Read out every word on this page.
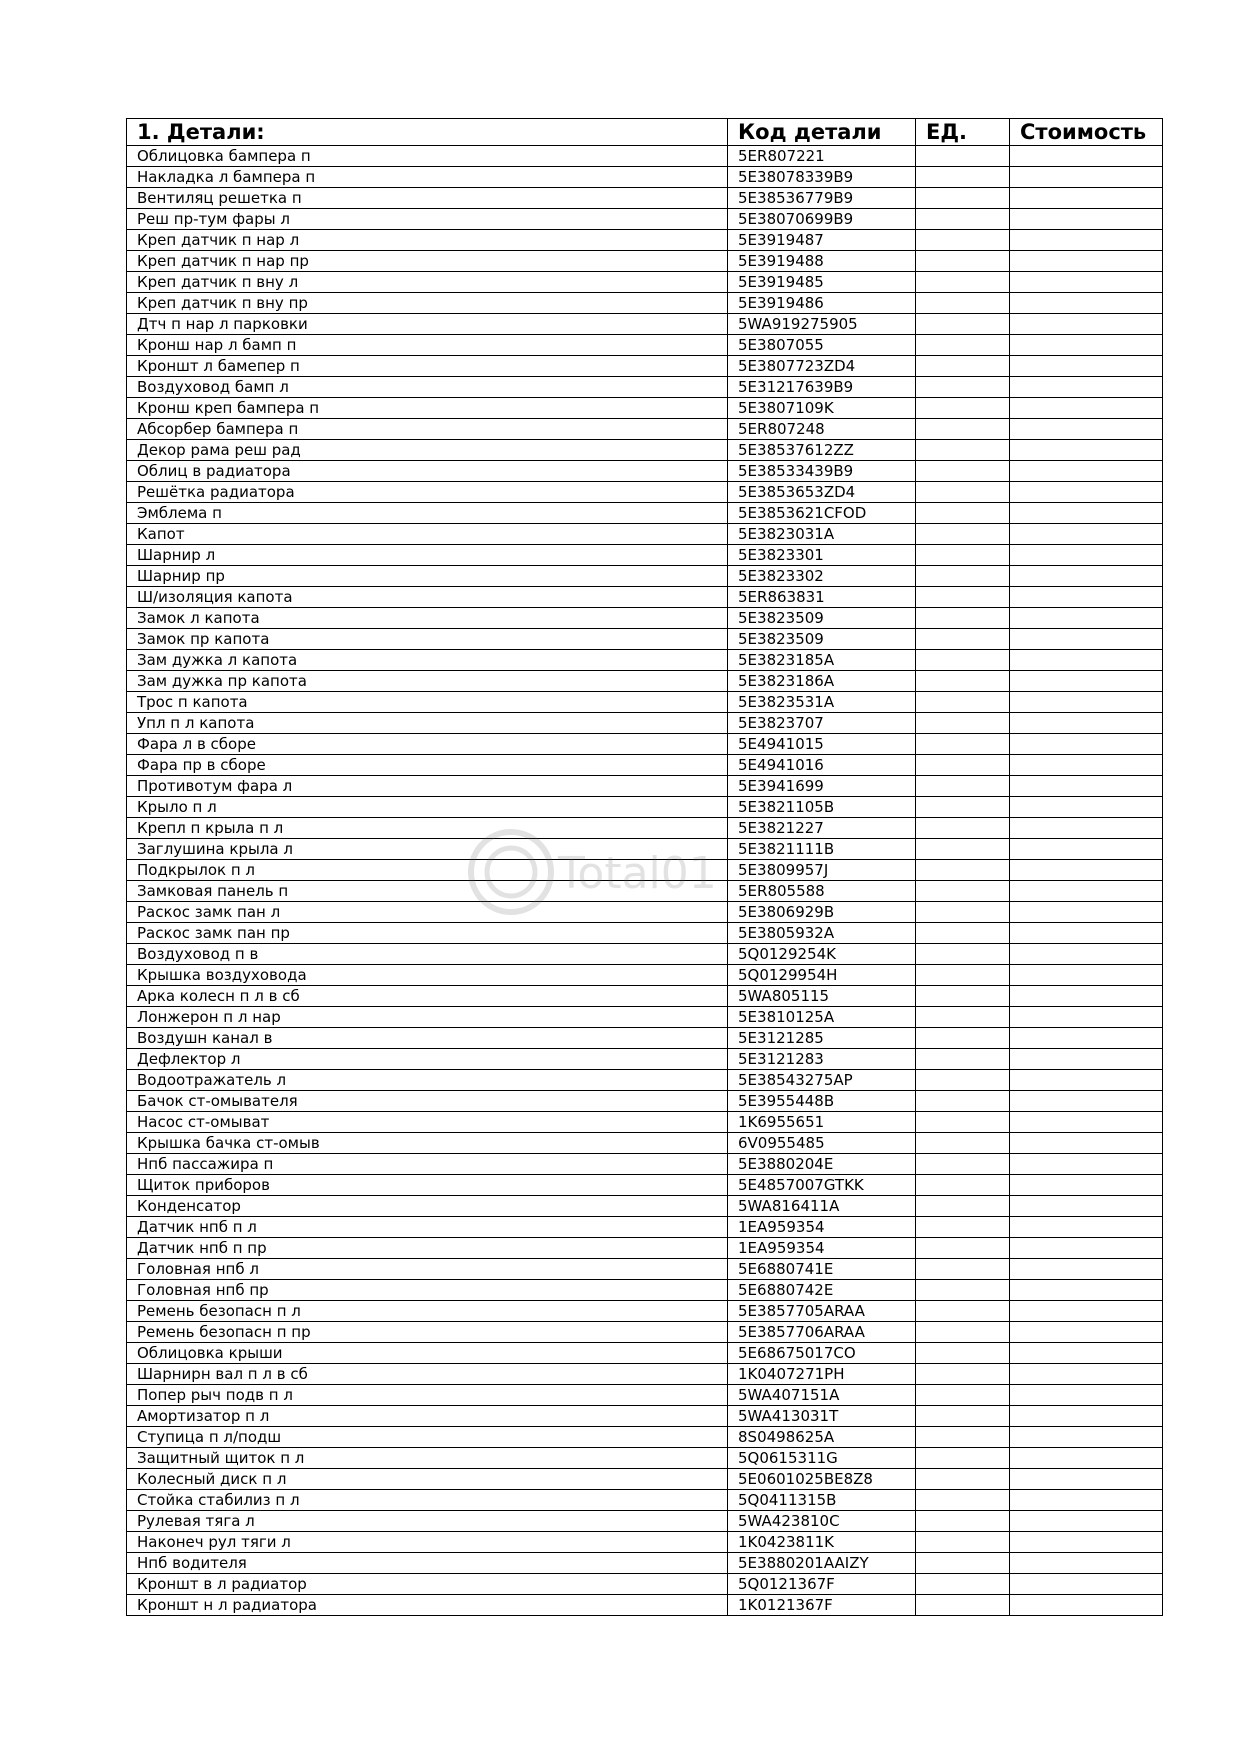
1. Детали:	Код детали	ЕД.	Стоимость
Облицовка бампера п	5ER807221		
Накладка л бампера п	5E38078339B9		
Вентиляц решетка п	5E38536779B9		
Реш пр-тум фары л	5E38070699B9		
Креп датчик п нар л	5E3919487		
Креп датчик п нар пр	5E3919488		
Креп датчик п вну л	5E3919485		
Креп датчик п вну пр	5E3919486		
Дтч п нар л парковки	5WA919275905		
Кронш нар л бамп п	5E3807055		
Кроншт л бамепер п	5E3807723ZD4		
Воздуховод бамп л	5E31217639B9		
Кронш креп бампера п	5E3807109K		
Абсорбер бампера п	5ER807248		
Декор рама реш рад	5E38537612ZZ		
Облиц в радиатора	5E38533439B9		
Решётка радиатора	5E3853653ZD4		
Эмблема п	5E3853621CFOD		
Капот	5E3823031A		
Шарнир л	5E3823301		
Шарнир пр	5E3823302		
Ш/изоляция капота	5ER863831		
Замок л капота	5E3823509		
Замок пр капота	5E3823509		
Зам дужка л капота	5E3823185A		
Зам дужка пр капота	5E3823186A		
Трос п капота	5E3823531A		
Упл п л капота	5E3823707		
Фара л в сборе	5E4941015		
Фара пр в сборе	5E4941016		
Противотум фара л	5E3941699		
Крыло п л	5E3821105B		
Крепл п крыла п л	5E3821227		
Заглушина крыла л	5E3821111B		
Подкрылок п л	5E3809957J		
Замковая панель п	5ER805588		
Раскос замк пан л	5E3806929B		
Раскос замк пан пр	5E3805932A		
Воздуховод п в	5Q0129254K		
Крышка воздуховода	5Q0129954H		
Арка колесн п л в сб	5WA805115		
Лонжерон п л нар	5E3810125A		
Воздушн канал в	5E3121285		
Дефлектор л	5E3121283		
Водоотражатель л	5E38543275AP		
Бачок ст-омывателя	5E3955448B		
Насос ст-омыват	1K6955651		
Крышка бачка ст-омыв	6V0955485		
Нпб пассажира п	5E3880204E		
Щиток приборов	5E4857007GTKK		
Конденсатор	5WA816411A		
Датчик нпб п л	1EA959354		
Датчик нпб п пр	1EA959354		
Головная нпб л	5E6880741E		
Головная нпб пр	5E6880742E		
Ремень безопасн п л	5E3857705ARAA		
Ремень безопасн п пр	5E3857706ARAA		
Облицовка крыши	5E68675017CO		
Шарнирн вал п л в сб	1K0407271PH		
Попер рыч подв п л	5WA407151A		
Амортизатор п л	5WA413031T		
Ступица п л/подш	8S0498625A		
Защитный щиток п л	5Q0615311G		
Колесный диск п л	5E0601025BE8Z8		
Стойка стабилиз п л	5Q0411315B		
Рулевая тяга л	5WA423810C		
Наконеч рул тяги л	1K0423811K		
Нпб водителя	5E3880201AAIZY		
Кроншт в л радиатор	5Q0121367F		
Кроншт н л радиатора	1K0121367F		
Total01
